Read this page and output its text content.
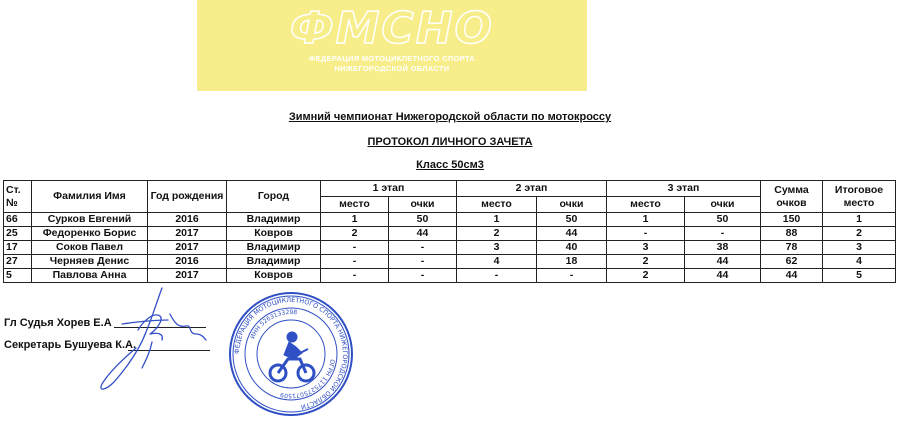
ФМСНО
ФЕДЕРАЦИЯ МОТОЦИКЛЕТНОГО СПОРТА
НИЖЕГОРОДСКОЙ ОБЛАСТИ
Зимний чемпионат Нижегородской области по мотокроссу
ПРОТОКОЛ ЛИЧНОГО ЗАЧЕТА
Класс 50см3
Ст. №	Фамилия Имя	Год рождения	Город	1 этап		2 этап		3 этап		Сумма очков	Итоговое место
				место	очки	место	очки	место	очки		
66	Сурков Евгений	2016	Владимир	1	50	1	50	1	50	150	1
25	Федоренко Борис	2017	Ковров	2	44	2	44	-	-	88	2
17	Соков Павел	2017	Владимир	-	-	3	40	3	38	78	3
27	Черняев Денис	2016	Владимир	-	-	4	18	2	44	62	4
5	Павлова Анна	2017	Ковров	-	-	-	-	2	44	44	5
Гл Судья Хорев Е.А
Секретарь Бушуева К.А.
ФЕДЕРАЦИЯ МОТОЦИКЛЕТНОГО СПОРТА НИЖЕГОРОДСКОЙ ОБЛАСТИ
ИНН 5263133298
ОГРН 1175275071509
